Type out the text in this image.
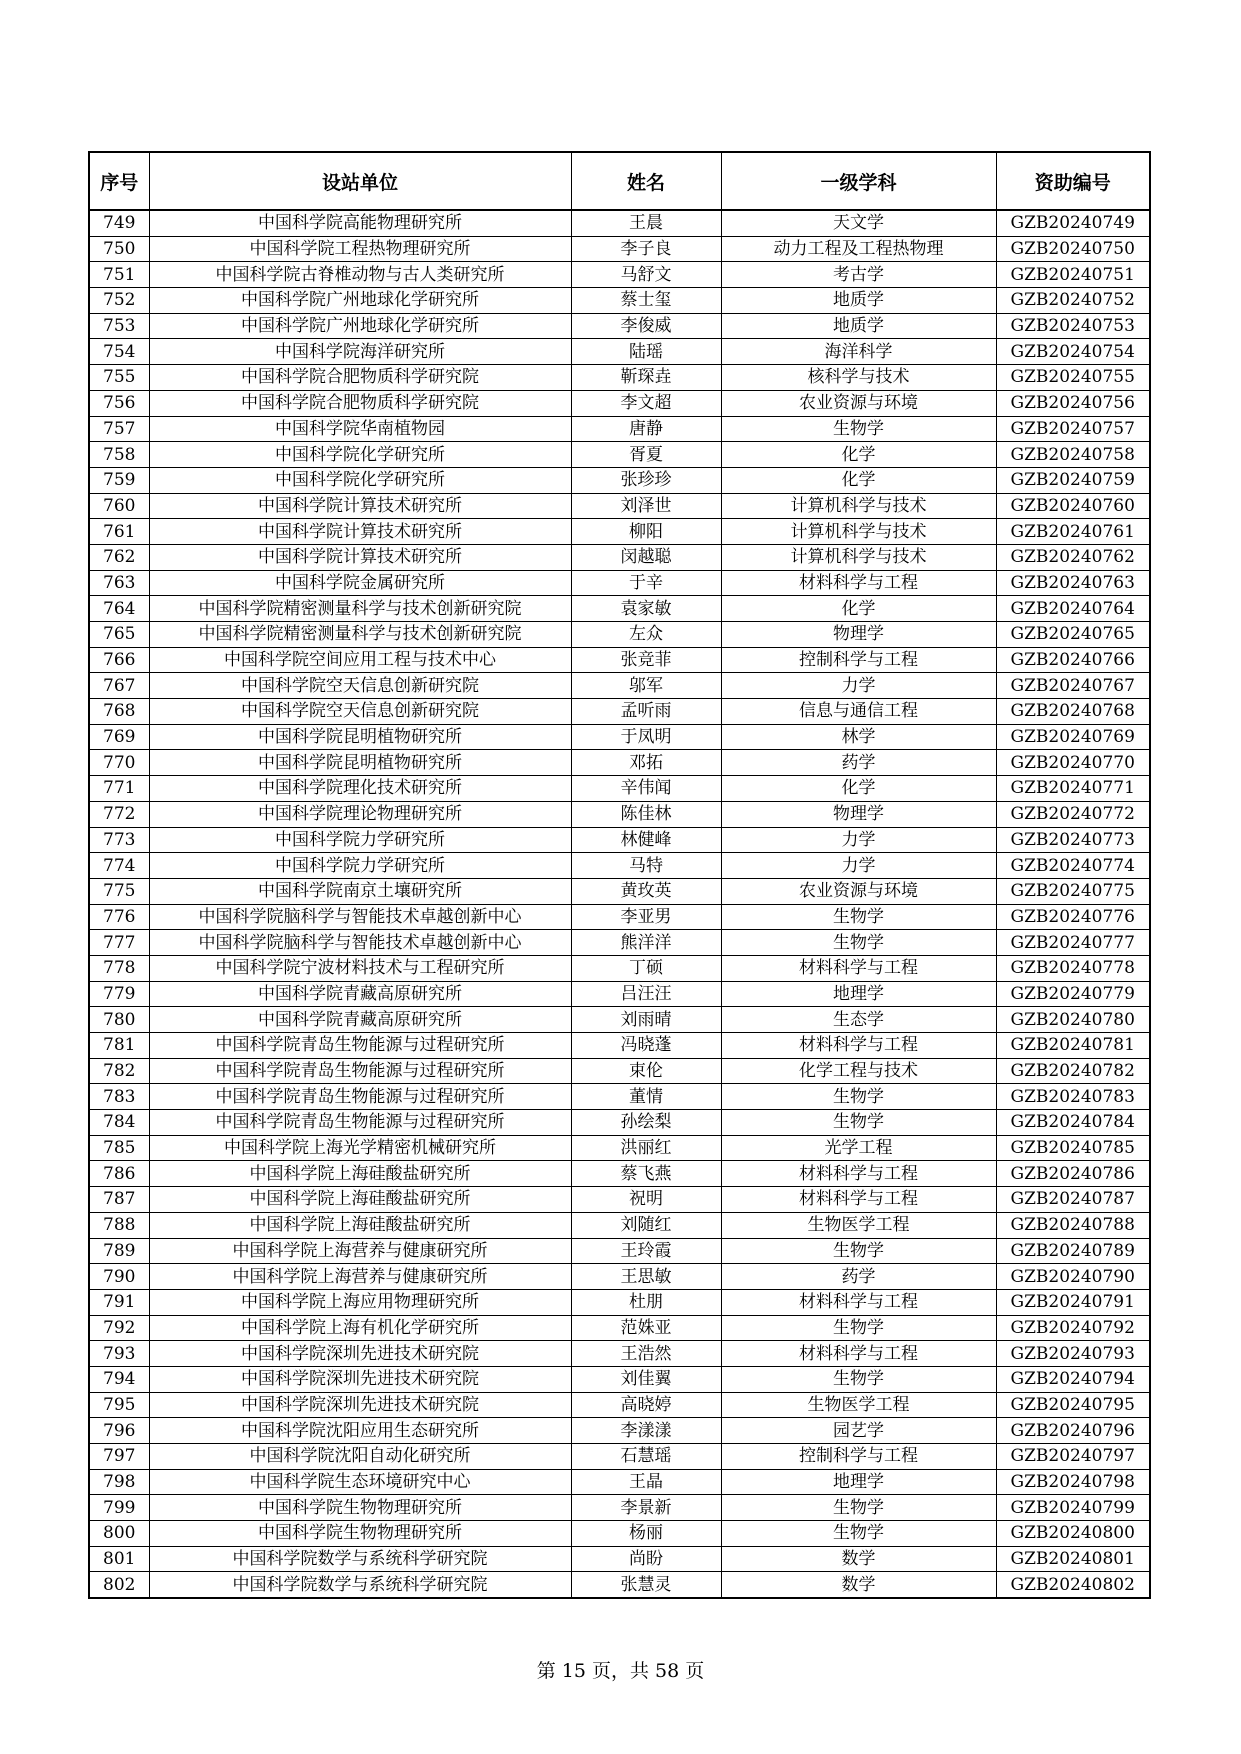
序号	设站单位	姓名	一级学科	资助编号
749	中国科学院高能物理研究所	王晨	天文学	GZB20240749
750	中国科学院工程热物理研究所	李子良	动力工程及工程热物理	GZB20240750
751	中国科学院古脊椎动物与古人类研究所	马舒文	考古学	GZB20240751
752	中国科学院广州地球化学研究所	蔡士玺	地质学	GZB20240752
753	中国科学院广州地球化学研究所	李俊威	地质学	GZB20240753
754	中国科学院海洋研究所	陆瑶	海洋科学	GZB20240754
755	中国科学院合肥物质科学研究院	靳琛垚	核科学与技术	GZB20240755
756	中国科学院合肥物质科学研究院	李文超	农业资源与环境	GZB20240756
757	中国科学院华南植物园	唐静	生物学	GZB20240757
758	中国科学院化学研究所	胥夏	化学	GZB20240758
759	中国科学院化学研究所	张珍珍	化学	GZB20240759
760	中国科学院计算技术研究所	刘泽世	计算机科学与技术	GZB20240760
761	中国科学院计算技术研究所	柳阳	计算机科学与技术	GZB20240761
762	中国科学院计算技术研究所	闵越聪	计算机科学与技术	GZB20240762
763	中国科学院金属研究所	于辛	材料科学与工程	GZB20240763
764	中国科学院精密测量科学与技术创新研究院	袁家敏	化学	GZB20240764
765	中国科学院精密测量科学与技术创新研究院	左众	物理学	GZB20240765
766	中国科学院空间应用工程与技术中心	张竞菲	控制科学与工程	GZB20240766
767	中国科学院空天信息创新研究院	邬军	力学	GZB20240767
768	中国科学院空天信息创新研究院	孟听雨	信息与通信工程	GZB20240768
769	中国科学院昆明植物研究所	于凤明	林学	GZB20240769
770	中国科学院昆明植物研究所	邓拓	药学	GZB20240770
771	中国科学院理化技术研究所	辛伟闻	化学	GZB20240771
772	中国科学院理论物理研究所	陈佳林	物理学	GZB20240772
773	中国科学院力学研究所	林健峰	力学	GZB20240773
774	中国科学院力学研究所	马特	力学	GZB20240774
775	中国科学院南京土壤研究所	黄玫英	农业资源与环境	GZB20240775
776	中国科学院脑科学与智能技术卓越创新中心	李亚男	生物学	GZB20240776
777	中国科学院脑科学与智能技术卓越创新中心	熊洋洋	生物学	GZB20240777
778	中国科学院宁波材料技术与工程研究所	丁硕	材料科学与工程	GZB20240778
779	中国科学院青藏高原研究所	吕汪汪	地理学	GZB20240779
780	中国科学院青藏高原研究所	刘雨晴	生态学	GZB20240780
781	中国科学院青岛生物能源与过程研究所	冯晓蓬	材料科学与工程	GZB20240781
782	中国科学院青岛生物能源与过程研究所	束伦	化学工程与技术	GZB20240782
783	中国科学院青岛生物能源与过程研究所	董情	生物学	GZB20240783
784	中国科学院青岛生物能源与过程研究所	孙绘梨	生物学	GZB20240784
785	中国科学院上海光学精密机械研究所	洪丽红	光学工程	GZB20240785
786	中国科学院上海硅酸盐研究所	蔡飞燕	材料科学与工程	GZB20240786
787	中国科学院上海硅酸盐研究所	祝明	材料科学与工程	GZB20240787
788	中国科学院上海硅酸盐研究所	刘随红	生物医学工程	GZB20240788
789	中国科学院上海营养与健康研究所	王玲霞	生物学	GZB20240789
790	中国科学院上海营养与健康研究所	王思敏	药学	GZB20240790
791	中国科学院上海应用物理研究所	杜朋	材料科学与工程	GZB20240791
792	中国科学院上海有机化学研究所	范姝亚	生物学	GZB20240792
793	中国科学院深圳先进技术研究院	王浩然	材料科学与工程	GZB20240793
794	中国科学院深圳先进技术研究院	刘佳翼	生物学	GZB20240794
795	中国科学院深圳先进技术研究院	高晓婷	生物医学工程	GZB20240795
796	中国科学院沈阳应用生态研究所	李漾漾	园艺学	GZB20240796
797	中国科学院沈阳自动化研究所	石慧瑶	控制科学与工程	GZB20240797
798	中国科学院生态环境研究中心	王晶	地理学	GZB20240798
799	中国科学院生物物理研究所	李景新	生物学	GZB20240799
800	中国科学院生物物理研究所	杨丽	生物学	GZB20240800
801	中国科学院数学与系统科学研究院	尚盼	数学	GZB20240801
802	中国科学院数学与系统科学研究院	张慧灵	数学	GZB20240802
第 15 页，共 58 页
